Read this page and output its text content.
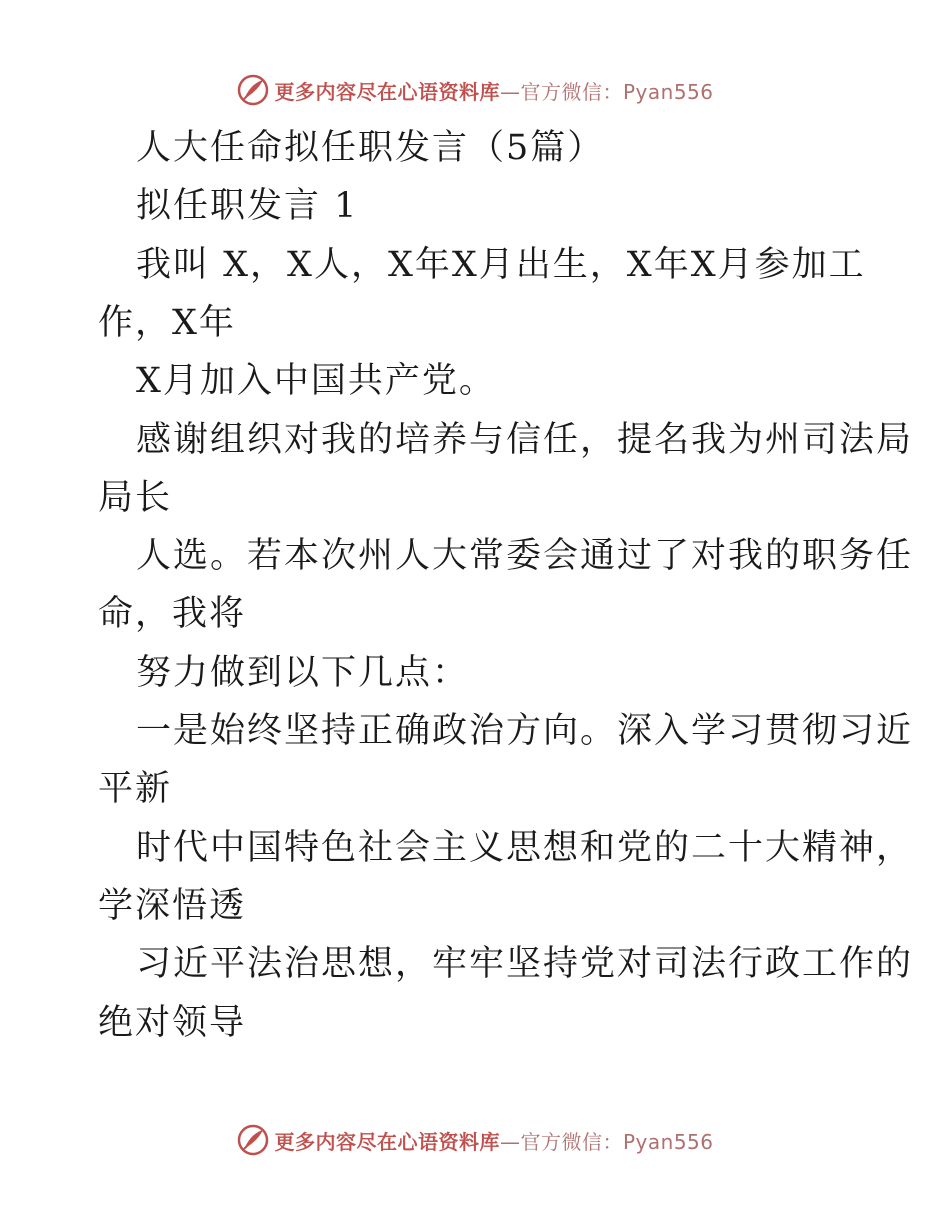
更多内容尽在心语资料库—官方微信：Pyan556
人大任命拟任职发言（5篇）
拟任职发言 1
我叫 X，X人，X年X月出生，X年X月参加工
作，X年
X月加入中国共产党。
感谢组织对我的培养与信任，提名我为州司法局
局长
人选。若本次州人大常委会通过了对我的职务任
命，我将
努力做到以下几点：
一是始终坚持正确政治方向。深入学习贯彻习近
平新
时代中国特色社会主义思想和党的二十大精神，
学深悟透
习近平法治思想，牢牢坚持党对司法行政工作的
绝对领导
更多内容尽在心语资料库—官方微信：Pyan556
